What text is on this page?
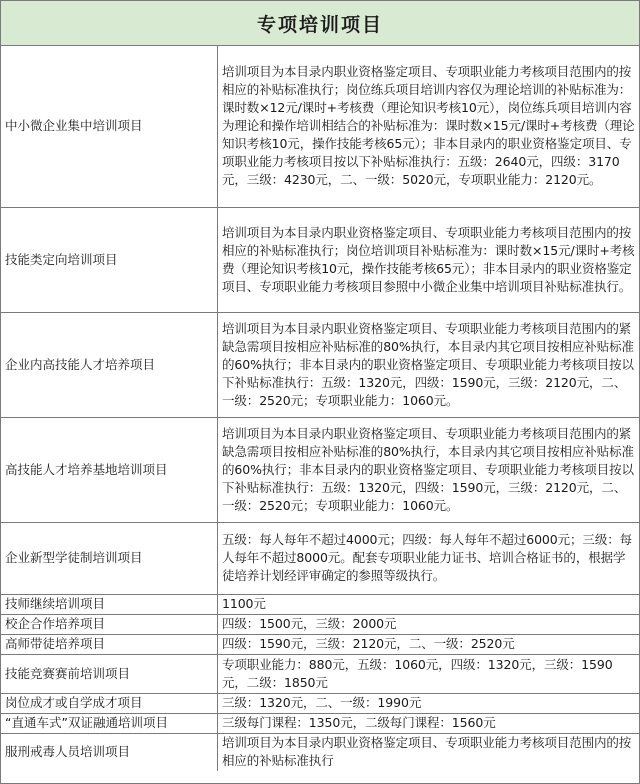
专项培训项目
中小微企业集中培训项目	培训项目为本目录内职业资格鉴定项目、专项职业能力考核项目范围内的按相应的补贴标准执行；岗位练兵项目培训内容仅为理论培训的补贴标准为：课时数×12元/课时+考核费（理论知识考核10元），岗位练兵项目培训内容为理论和操作培训相结合的补贴标准为：课时数×15元/课时+考核费（理论知识考核10元，操作技能考核65元）；非本目录内的职业资格鉴定项目、专项职业能力考核项目按以下补贴标准执行：五级：2640元，四级：3170元，三级：4230元，二、一级：5020元，专项职业能力：2120元。
技能类定向培训项目	培训项目为本目录内职业资格鉴定项目、专项职业能力考核项目范围内的按相应的补贴标准执行；岗位培训项目补贴标准为：课时数×15元/课时+考核费（理论知识考核10元，操作技能考核65元）；非本目录内的职业资格鉴定项目、专项职业能力考核项目参照中小微企业集中培训项目补贴标准执行。
企业内高技能人才培养项目	培训项目为本目录内职业资格鉴定项目、专项职业能力考核项目范围内的紧缺急需项目按相应补贴标准的80%执行，本目录内其它项目按相应补贴标准的60%执行；非本目录内的职业资格鉴定项目、专项职业能力考核项目按以下补贴标准执行：五级：1320元，四级：1590元，三级：2120元，二、一级：2520元；专项职业能力：1060元。
高技能人才培养基地培训项目	培训项目为本目录内职业资格鉴定项目、专项职业能力考核项目范围内的紧缺急需项目按相应补贴标准的80%执行，本目录内其它项目按相应补贴标准的60%执行；非本目录内的职业资格鉴定项目、专项职业能力考核项目按以下补贴标准执行：五级：1320元，四级：1590元，三级：2120元，二、一级：2520元；专项职业能力：1060元。
企业新型学徒制培训项目	五级：每人每年不超过4000元；四级：每人每年不超过6000元；三级：每人每年不超过8000元。配套专项职业能力证书、培训合格证书的，根据学徒培养计划经评审确定的参照等级执行。
技师继续培训项目	1100元
校企合作培养项目	四级：1500元，三级：2000元
高师带徒培养项目	四级：1590元，三级：2120元，二、一级：2520元
技能竞赛赛前培训项目	专项职业能力：880元，五级：1060元，四级：1320元，三级：1590元，二级：1850元
岗位成才或自学成才项目	三级：1320元，二、一级：1990元
“直通车式”双证融通培训项目	三级每门课程：1350元，二级每门课程：1560元
服刑戒毒人员培训项目	培训项目为本目录内职业资格鉴定项目、专项职业能力考核项目范围内的按相应的补贴标准执行
